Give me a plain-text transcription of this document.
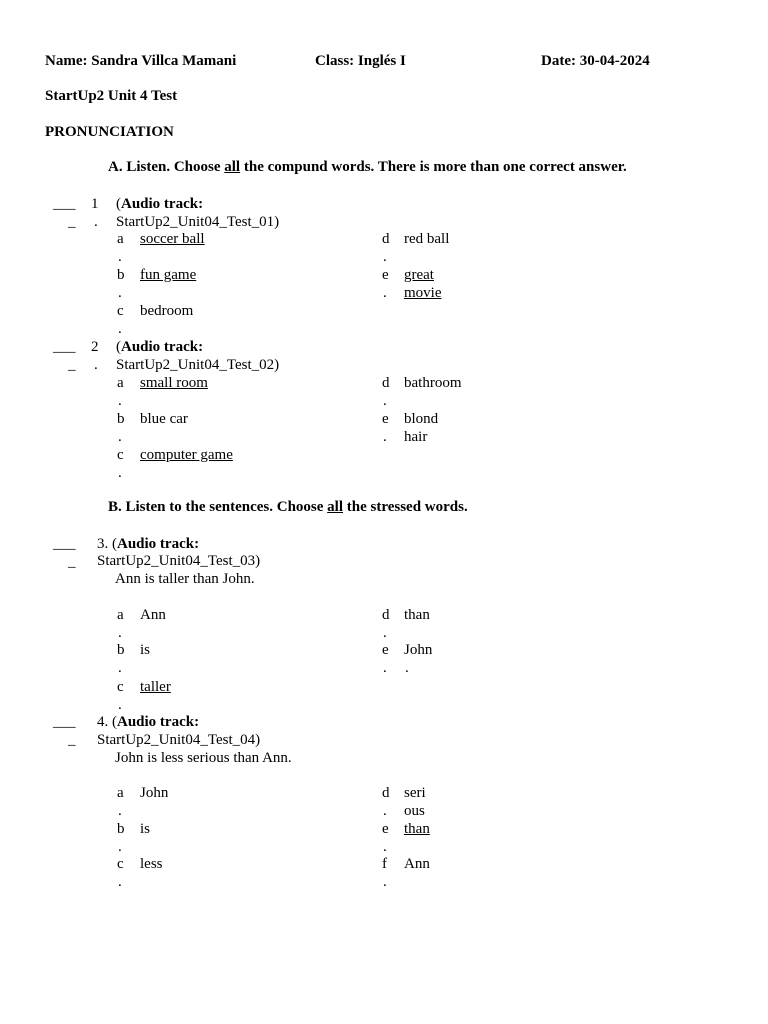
Name: Sandra Villca Mamani	Class: Inglés I	Date: 30-04-2024
StartUp2 Unit 4 Test
PRONUNCIATION
A. Listen. Choose all the compund words. There is more than one correct answer.
___
_
1
.
(Audio track:
StartUp2_Unit04_Test_01)
a
.
soccer ball
b
.
fun game
c
.
bedroom
d
.
red ball
e
.
great
movie
___
_
2
.
(Audio track:
StartUp2_Unit04_Test_02)
a
.
small room
b
.
blue car
c
.
computer game
d
.
bathroom
e
.
blond
hair
B. Listen to the sentences. Choose all the stressed words.
___
_
3. (Audio track:
StartUp2_Unit04_Test_03)
Ann is taller than John.
a
.
Ann
b
.
is
c
.
taller
d
.
than
e
.
John
.
___
_
4. (Audio track:
StartUp2_Unit04_Test_04)
John is less serious than Ann.
a
.
John
b
.
is
c
.
less
d
.
seri
ous
e
.
than
f
.
Ann
